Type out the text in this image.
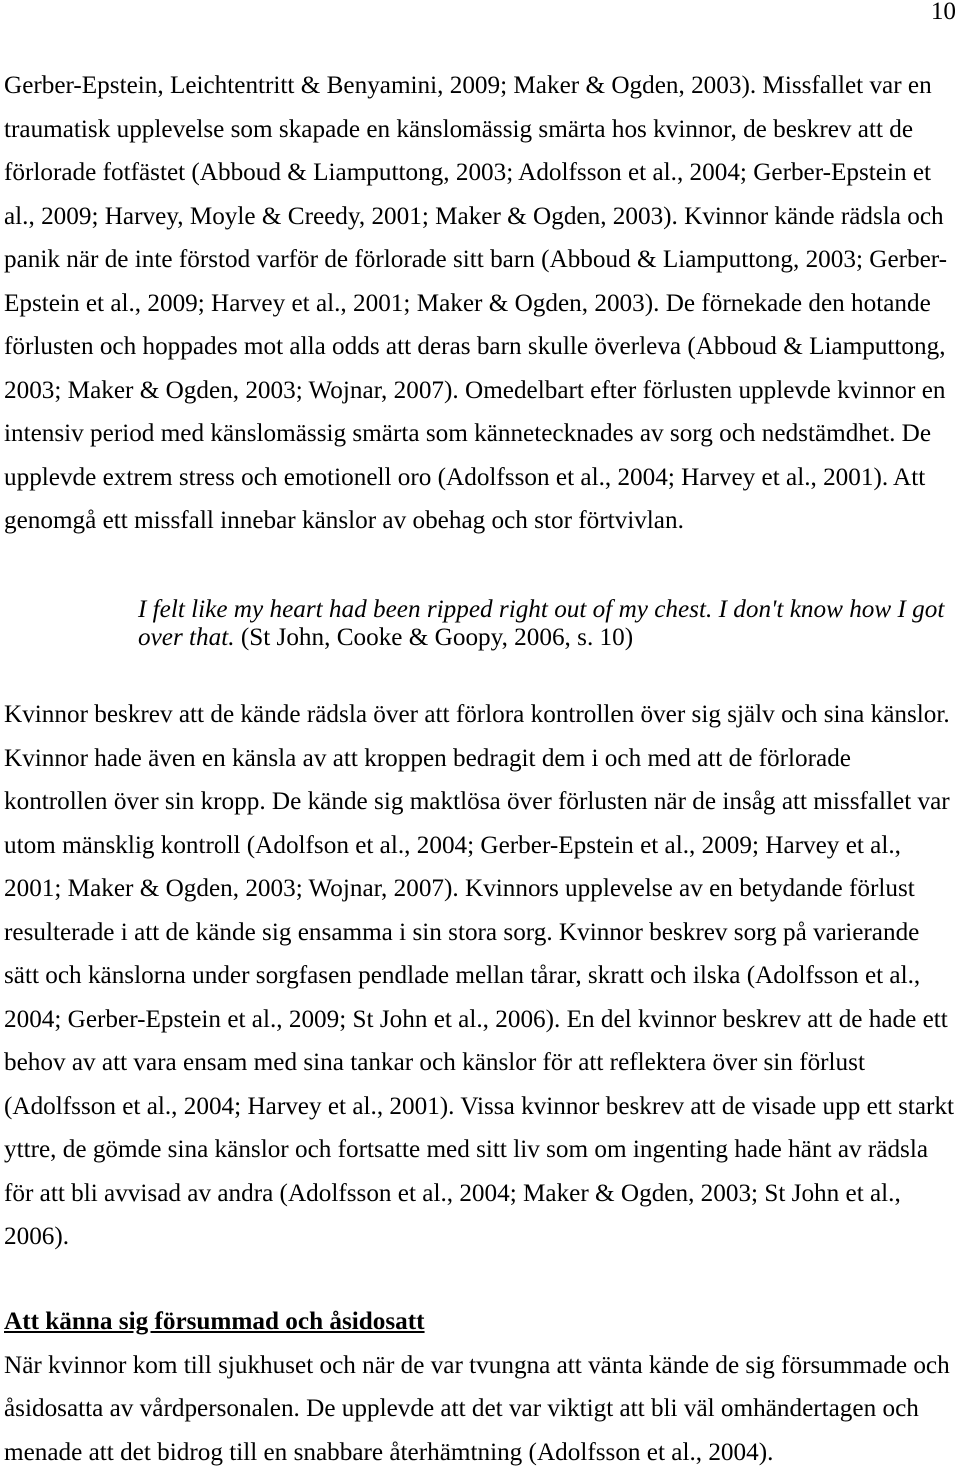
10
Gerber-Epstein, Leichtentritt & Benyamini, 2009; Maker & Ogden, 2003). Missfallet var en
traumatisk upplevelse som skapade en känslomässig smärta hos kvinnor, de beskrev att de
förlorade fotfästet (Abboud & Liamputtong, 2003; Adolfsson et al., 2004; Gerber-Epstein et
al., 2009; Harvey, Moyle & Creedy, 2001; Maker & Ogden, 2003). Kvinnor kände rädsla och
panik när de inte förstod varför de förlorade sitt barn (Abboud & Liamputtong, 2003; Gerber-
Epstein et al., 2009; Harvey et al., 2001; Maker & Ogden, 2003). De förnekade den hotande
förlusten och hoppades mot alla odds att deras barn skulle överleva (Abboud & Liamputtong,
2003; Maker & Ogden, 2003; Wojnar, 2007). Omedelbart efter förlusten upplevde kvinnor en
intensiv period med känslomässig smärta som kännetecknades av sorg och nedstämdhet. De
upplevde extrem stress och emotionell oro (Adolfsson et al., 2004; Harvey et al., 2001). Att
genomgå ett missfall innebar känslor av obehag och stor förtvivlan.
I felt like my heart had been ripped right out of my chest. I don't know how I got
over that. (St John, Cooke & Goopy, 2006, s. 10)
Kvinnor beskrev att de kände rädsla över att förlora kontrollen över sig själv och sina känslor.
Kvinnor hade även en känsla av att kroppen bedragit dem i och med att de förlorade
kontrollen över sin kropp. De kände sig maktlösa över förlusten när de insåg att missfallet var
utom mänsklig kontroll (Adolfson et al., 2004; Gerber-Epstein et al., 2009; Harvey et al.,
2001; Maker & Ogden, 2003; Wojnar, 2007). Kvinnors upplevelse av en betydande förlust
resulterade i att de kände sig ensamma i sin stora sorg. Kvinnor beskrev sorg på varierande
sätt och känslorna under sorgfasen pendlade mellan tårar, skratt och ilska (Adolfsson et al.,
2004; Gerber-Epstein et al., 2009; St John et al., 2006). En del kvinnor beskrev att de hade ett
behov av att vara ensam med sina tankar och känslor för att reflektera över sin förlust
(Adolfsson et al., 2004; Harvey et al., 2001). Vissa kvinnor beskrev att de visade upp ett starkt
yttre, de gömde sina känslor och fortsatte med sitt liv som om ingenting hade hänt av rädsla
för att bli avvisad av andra (Adolfsson et al., 2004; Maker & Ogden, 2003; St John et al.,
2006).
Att känna sig försummad och åsidosatt
När kvinnor kom till sjukhuset och när de var tvungna att vänta kände de sig försummade och
åsidosatta av vårdpersonalen. De upplevde att det var viktigt att bli väl omhändertagen och
menade att det bidrog till en snabbare återhämtning (Adolfsson et al., 2004).
